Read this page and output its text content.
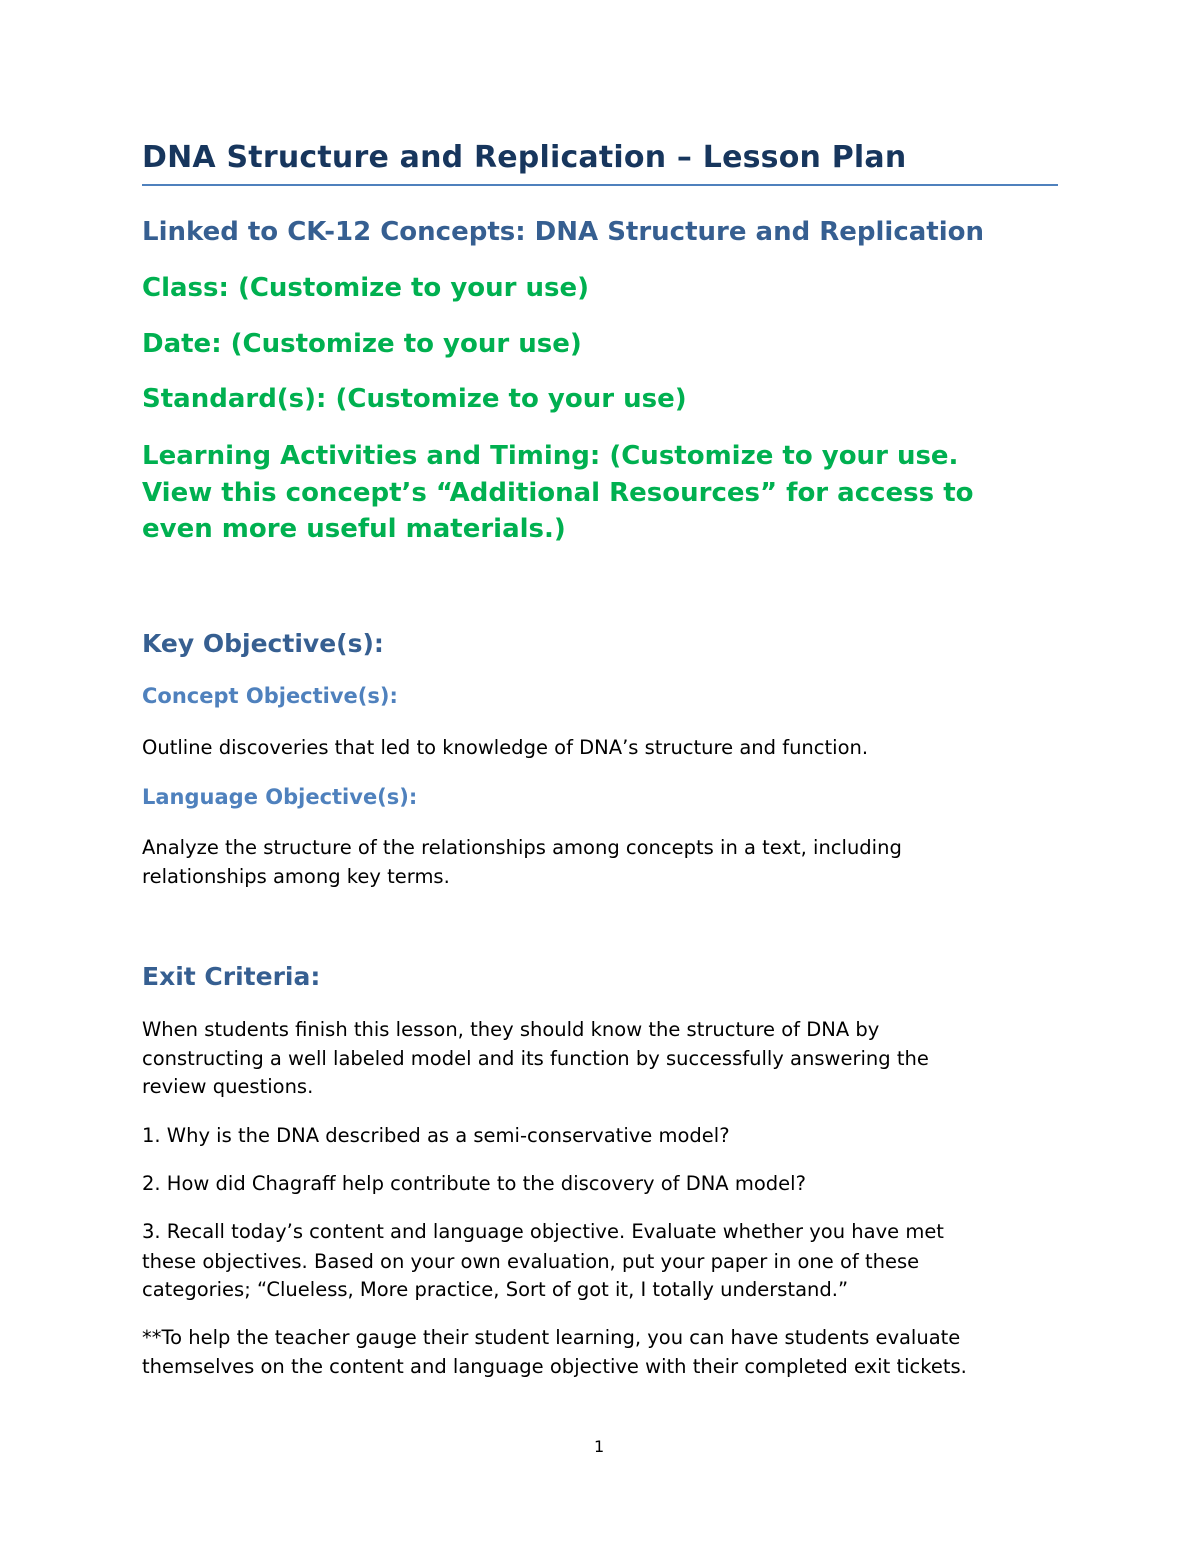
DNA Structure and Replication – Lesson Plan
Linked to CK-12 Concepts: DNA Structure and Replication
Class: (Customize to your use)
Date: (Customize to your use)
Standard(s): (Customize to your use)
Learning Activities and Timing: (Customize to your use.
View this concept’s “Additional Resources” for access to
even more useful materials.)
Key Objective(s):
Concept Objective(s):
Outline discoveries that led to knowledge of DNA’s structure and function.
Language Objective(s):
Analyze the structure of the relationships among concepts in a text, including
relationships among key terms.
Exit Criteria:
When students finish this lesson, they should know the structure of DNA by
constructing a well labeled model and its function by successfully answering the
review questions.
1. Why is the DNA described as a semi-conservative model?
2. How did Chagraff help contribute to the discovery of DNA model?
3. Recall today’s content and language objective. Evaluate whether you have met
these objectives. Based on your own evaluation, put your paper in one of these
categories; “Clueless, More practice, Sort of got it, I totally understand.”
**To help the teacher gauge their student learning, you can have students evaluate
themselves on the content and language objective with their completed exit tickets.
1
